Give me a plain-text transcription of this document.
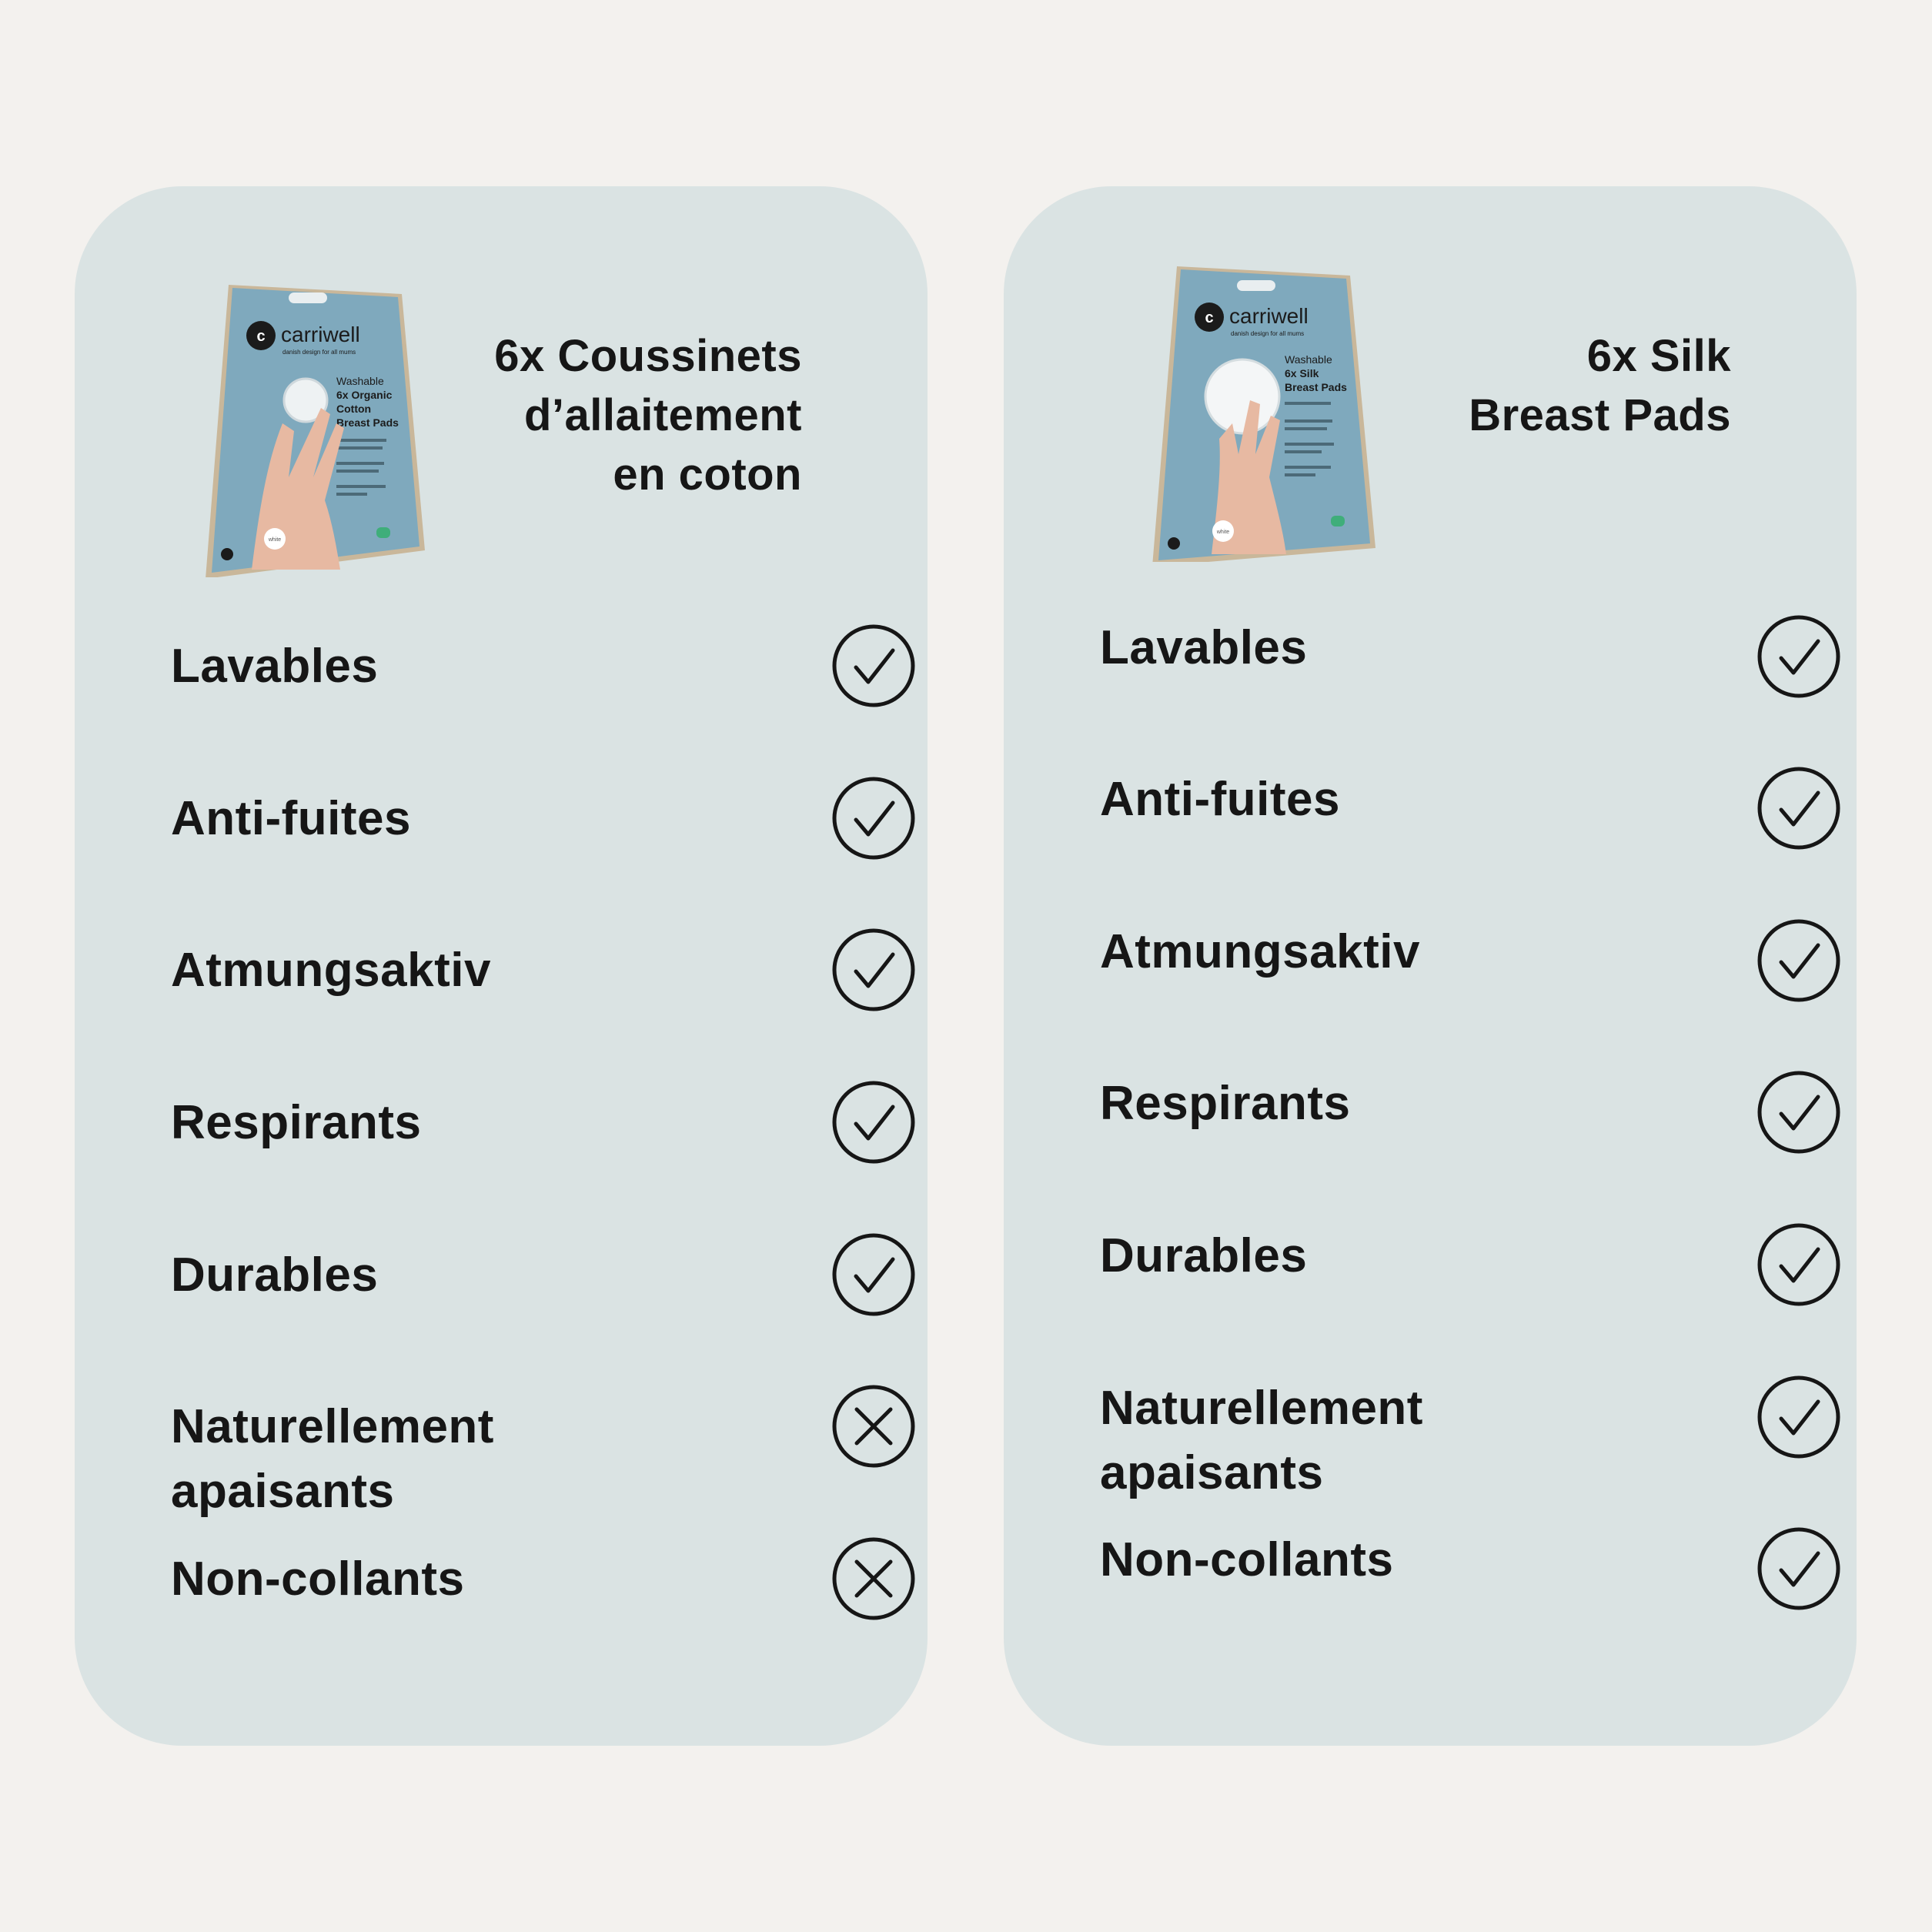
c carriwell
danish design for all mums
Washable
6x Organic
Cotton
Breast Pads
white
6x Coussinets
d’allaitement
en coton
Lavables
Anti-fuites
Atmungsaktiv
Respirants
Durables
Naturellement
apaisants
Non-collants
c carriwell
danish design for all mums
Washable
6x Silk
Breast Pads
white
6x Silk
Breast Pads
Lavables
Anti-fuites
Atmungsaktiv
Respirants
Durables
Naturellement
apaisants
Non-collants
